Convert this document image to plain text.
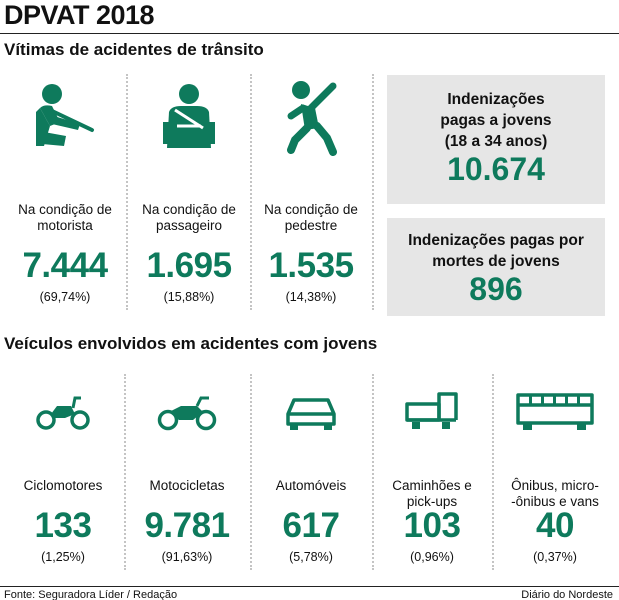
DPVAT 2018
Vítimas de acidentes de trânsito
Na condição de
motorista
7.444
(69,74%)
Na condição de
passageiro
1.695
(15,88%)
Na condição de
pedestre
1.535
(14,38%)
Indenizações
pagas a jovens
(18 a 34 anos)
10.674
Indenizações pagas por
mortes de jovens
896
Veículos envolvidos em acidentes com jovens
Ciclomotores
133
(1,25%)
Motocicletas
9.781
(91,63%)
Automóveis
617
(5,78%)
Caminhões e
pick-ups
103
(0,96%)
Ônibus, micro-
-ônibus e vans
40
(0,37%)
Fonte: Seguradora Líder / Redação	Diário do Nordeste
